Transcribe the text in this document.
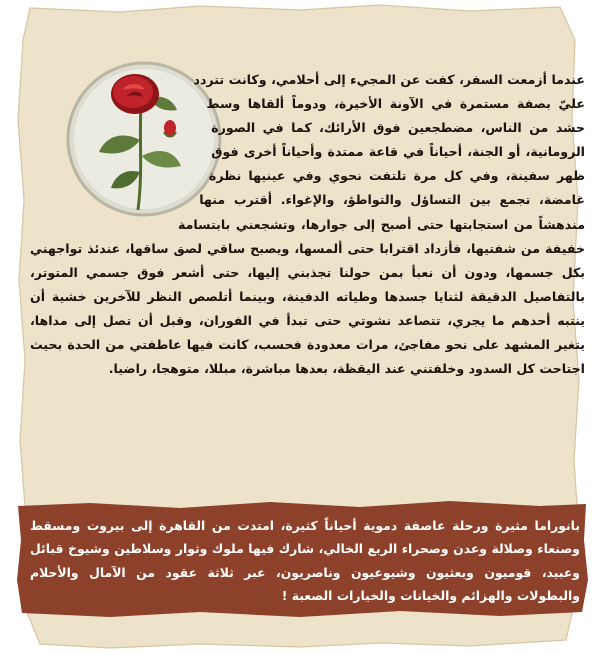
عندما أزمعت السفر، كفت عن المجيء إلى أحلامي، وكانت تتردد عليّ بصفة مستمرة في الآونة الأخيرة، ودوماً ألقاها وسط حشد من الناس، مضطجعين فوق الأرائك، كما في الصورة الرومانية، أو الجنة، أحياناً في قاعة ممتدة وأحياناً أخرى فوق ظهر سفينة، وفي كل مرة تلتفت نحوي وفي عينيها نظرة غامضة، تجمع بين التساؤل والتواطؤ، والإغواء. أقترب منها مندهشاً من استجابتها حتى أصبح إلى جوارها، وتشجعني بابتسامة خفيفة من شفتيها، فأزداد اقترابا حتى ألمسها، ويصبح ساقي لصق ساقها، عندئذ تواجهني بكل جسمها، ودون أن نعبأ بمن حولنا تجذبني إليها، حتى أشعر فوق جسمي المتوتر، بالتفاصيل الدقيقة لثنايا جسدها وطياته الدفينة، وبينما أتلصص النظر للآخرين خشية أن ينتبه أحدهم ما يجري، تتصاعد نشوتي حتى تبدأ في الفوران، وقبل أن تصل إلى مداها، يتغير المشهد على نحو مفاجئ، مرات معدودة فحسب، كانت فيها عاطفتي من الحدة بحيث اجتاحت كل السدود وخلفتني عند اليقظة، بعدها مباشرة، مبللا، متوهجا، راضيا.

بانوراما مثيرة ورحلة عاصفة دموية أحياناً كثيرة، امتدت من القاهرة إلى بيروت ومسقط وصنعاء وصلالة وعدن وصحراء الربع الخالي، شارك فيها ملوك وثوار وسلاطين وشيوخ قبائل وعبيد، قوميون وبعثيون وشيوعيون وناصريون، عبر ثلاثة عقود من الآمال والأحلام والبطولات والهزائم والخيانات والخيارات الصعبة !
